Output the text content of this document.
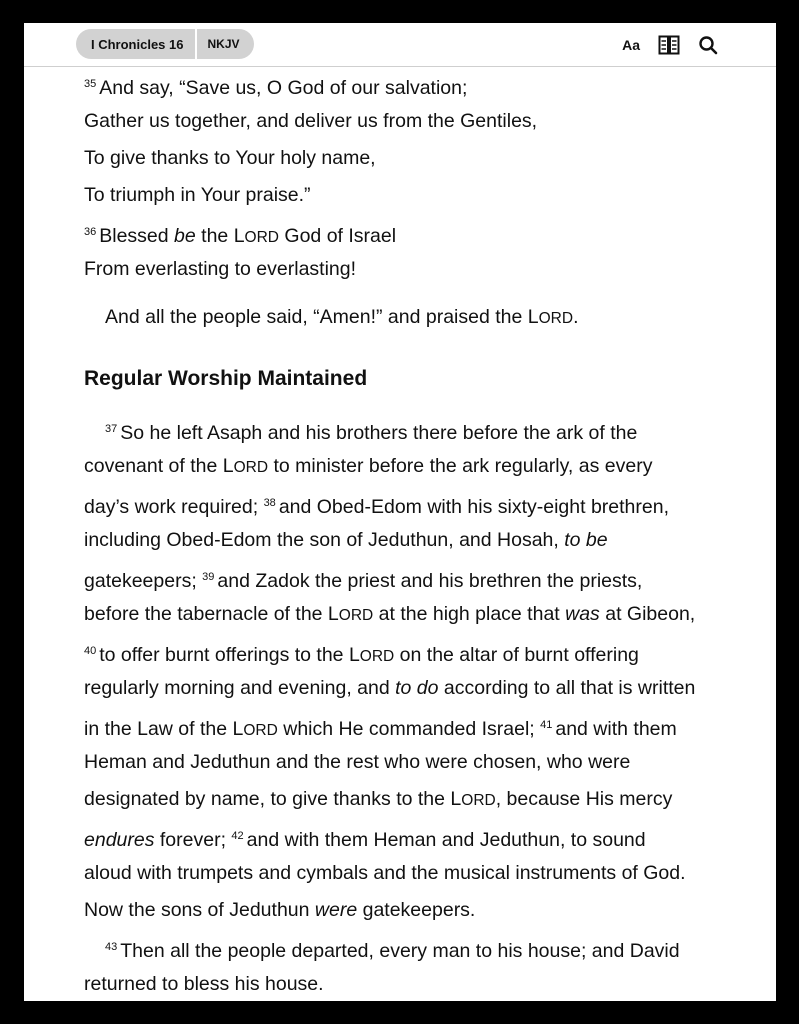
I Chronicles 16	NKJV	Aa
$^{35}$ And say, “Save us, O God of our salvation;
Gather us together, and deliver us from the Gentiles,
To give thanks to Your holy name,
To triumph in Your praise.”
$^{36}$ Blessed be the LORD God of Israel
From everlasting to everlasting!
And all the people said, “Amen!” and praised the LORD.
Regular Worship Maintained
$^{37}$ So he left Asaph and his brothers there before the ark of the
covenant of the LORD to minister before the ark regularly, as every
day’s work required; $^{38}$ and Obed-Edom with his sixty-eight brethren,
including Obed-Edom the son of Jeduthun, and Hosah, to be
gatekeepers; $^{39}$ and Zadok the priest and his brethren the priests,
before the tabernacle of the LORD at the high place that was at Gibeon,
$^{40}$ to offer burnt offerings to the LORD on the altar of burnt offering
regularly morning and evening, and to do according to all that is written
in the Law of the LORD which He commanded Israel; $^{41}$ and with them
Heman and Jeduthun and the rest who were chosen, who were
designated by name, to give thanks to the LORD, because His mercy
endures forever; $^{42}$ and with them Heman and Jeduthun, to sound
aloud with trumpets and cymbals and the musical instruments of God.
Now the sons of Jeduthun were gatekeepers.
$^{43}$ Then all the people departed, every man to his house; and David
returned to bless his house.
